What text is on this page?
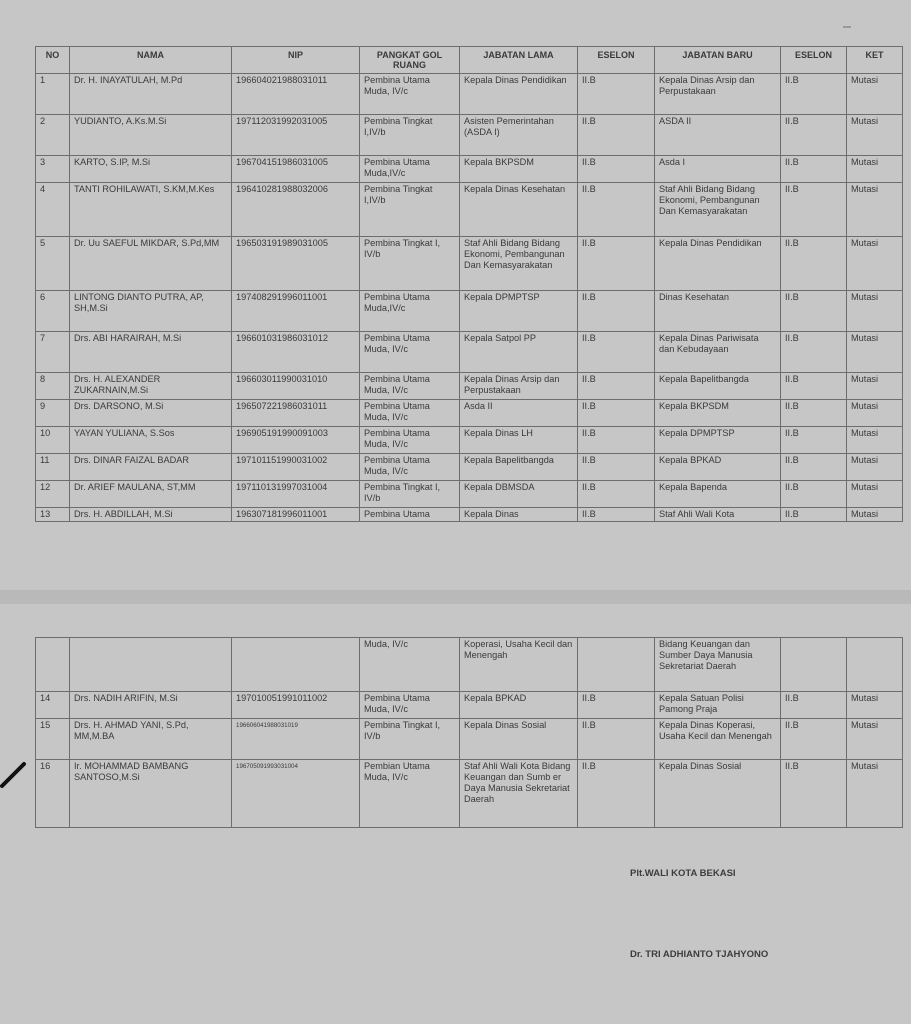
NO	NAMA	NIP	PANGKAT GOL RUANG	JABATAN LAMA	ESELON	JABATAN BARU	ESELON	KET
1	Dr. H. INAYATULAH, M.Pd	196604021988031011	Pembina Utama Muda, IV/c	Kepala Dinas Pendidikan	II.B	Kepala Dinas Arsip dan Perpustakaan	II.B	Mutasi
2	YUDIANTO, A.Ks.M.Si	197112031992031005	Pembina Tingkat I,IV/b	Asisten Pemerintahan (ASDA I)	II.B	ASDA II	II.B	Mutasi
3	KARTO, S.IP, M.Si	196704151986031005	Pembina Utama Muda,IV/c	Kepala BKPSDM	II.B	Asda I	II.B	Mutasi
4	TANTI ROHILAWATI, S.KM,M.Kes	196410281988032006	Pembina Tingkat I,IV/b	Kepala Dinas Kesehatan	II.B	Staf Ahli Bidang Bidang Ekonomi, Pembangunan Dan Kemasyarakatan	II.B	Mutasi
5	Dr. Uu SAEFUL MIKDAR, S.Pd,MM	196503191989031005	Pembina Tingkat I, IV/b	Staf Ahli Bidang Bidang Ekonomi, Pembangunan Dan Kemasyarakatan	II.B	Kepala Dinas Pendidikan	II.B	Mutasi
6	LINTONG DIANTO PUTRA, AP, SH,M.Si	197408291996011001	Pembina Utama Muda,IV/c	Kepala DPMPTSP	II.B	Dinas Kesehatan	II.B	Mutasi
7	Drs. ABI HARAIRAH, M.Si	196601031986031012	Pembina Utama Muda, IV/c	Kepala Satpol PP	II.B	Kepala Dinas Pariwisata dan Kebudayaan	II.B	Mutasi
8	Drs. H. ALEXANDER ZUKARNAIN,M.Si	196603011990031010	Pembina Utama Muda, IV/c	Kepala Dinas Arsip dan Perpustakaan	II.B	Kepala Bapelitbangda	II.B	Mutasi
9	Drs. DARSONO, M.Si	196507221986031011	Pembina Utama Muda, IV/c	Asda II	II.B	Kepala BKPSDM	II.B	Mutasi
10	YAYAN YULIANA, S.Sos	196905191990091003	Pembina Utama Muda, IV/c	Kepala Dinas LH	II.B	Kepala DPMPTSP	II.B	Mutasi
11	Drs. DINAR FAIZAL BADAR	197101151990031002	Pembina Utama Muda, IV/c	Kepala Bapelitbangda	II.B	Kepala BPKAD	II.B	Mutasi
12	Dr. ARIEF MAULANA, ST,MM	197110131997031004	Pembina Tingkat I, IV/b	Kepala DBMSDA	II.B	Kepala Bapenda	II.B	Mutasi
13	Drs. H. ABDILLAH, M.Si	196307181996011001	Pembina Utama	Kepala Dinas	II.B	Staf Ahli Wali Kota	II.B	Mutasi
			Muda, IV/c	Koperasi, Usaha Kecil dan Menengah		Bidang Keuangan dan Sumber Daya Manusia Sekretariat Daerah		
14	Drs. NADIH ARIFIN, M.Si	197010051991011002	Pembina Utama Muda, IV/c	Kepala BPKAD	II.B	Kepala Satuan Polisi Pamong Praja	II.B	Mutasi
15	Drs. H. AHMAD YANI, S.Pd, MM,M.BA	196606041988031019	Pembina Tingkat I, IV/b	Kepala Dinas Sosial	II.B	Kepala Dinas Koperasi, Usaha Kecil dan Menengah	II.B	Mutasi
16	Ir. MOHAMMAD BAMBANG SANTOSO,M.Si	196705091993031004	Pembian Utama Muda, IV/c	Staf Ahli Wali Kota Bidang Keuangan dan Sumb er Daya Manusia Sekretariat Daerah	II.B	Kepala Dinas Sosial	II.B	Mutasi
Plt.WALI KOTA BEKASI
Dr. TRI ADHIANTO TJAHYONO
